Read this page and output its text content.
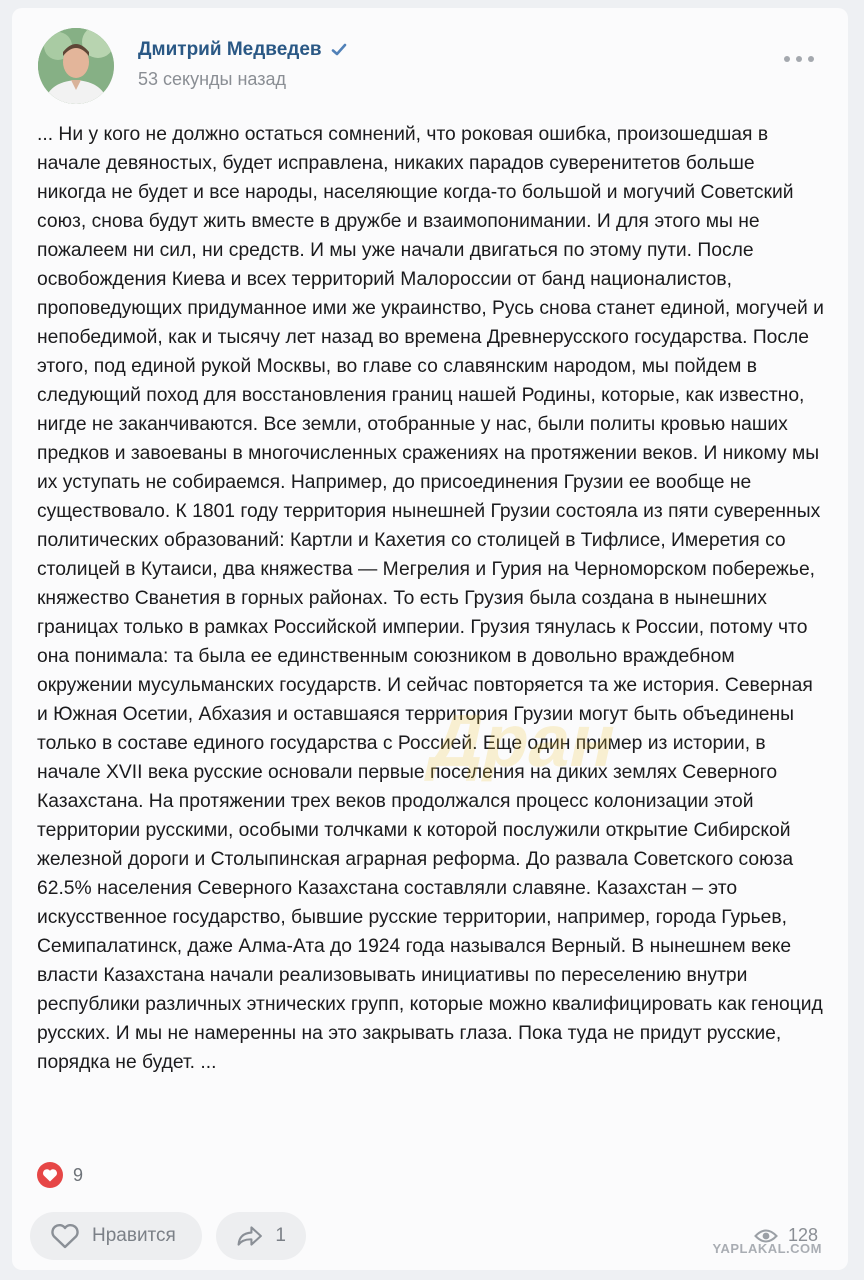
Дмитрий Медведев
53 секунды назад
... Ни у кого не должно остаться сомнений, что роковая ошибка, произошедшая в начале девяностых, будет исправлена, никаких парадов суверенитетов больше никогда не будет и все народы, населяющие когда-то большой и могучий Советский союз, снова будут жить вместе в дружбе и взаимопонимании. И для этого мы не пожалеем ни сил, ни средств. И мы уже начали двигаться по этому пути. После освобождения Киева и всех территорий Малороссии от банд националистов, проповедующих придуманное ими же украинство, Русь снова станет единой, могучей и непобедимой, как и тысячу лет назад во времена Древнерусского государства. После этого, под единой рукой Москвы, во главе со славянским народом, мы пойдем в следующий поход для восстановления границ нашей Родины, которые, как известно, нигде не заканчиваются. Все земли, отобранные у нас, были политы кровью наших предков и завоеваны в многочисленных сражениях на протяжении веков. И никому мы их уступать не собираемся. Например, до присоединения Грузии ее вообще не существовало. К 1801 году территория нынешней Грузии состояла из пяти суверенных политических образований: Картли и Кахетия со столицей в Тифлисе, Имеретия со столицей в Кутаиси, два княжества — Мегрелия и Гурия на Черноморском побережье, княжество Сванетия в горных районах. То есть Грузия была создана в нынешних границах только в рамках Российской империи. Грузия тянулась к России, потому что она понимала: та была ее единственным союзником в довольно враждебном окружении мусульманских государств. И сейчас повторяется та же история. Северная и Южная Осетии, Абхазия и оставшаяся территория Грузии могут быть объединены только в составе единого государства с Россией. Еще один пример из истории, в начале XVII века русские основали первые поселения на диких землях Северного Казахстана. На протяжении трех веков продолжался процесс колонизации этой территории русскими, особыми толчками к которой послужили открытие Сибирской железной дороги и Столыпинская аграрная реформа. До развала Советского союза 62.5% населения Северного Казахстана составляли славяне. Казахстан – это искусственное государство, бывшие русские территории, например, города Гурьев, Семипалатинск, даже Алма-Ата до 1924 года назывался Верный. В нынешнем веке власти Казахстана начали реализовывать инициативы по переселению внутри республики различных этнических групп, которые можно квалифицировать как геноцид русских. И мы не намеренны на это закрывать глаза. Пока туда не придут русские, порядка не будет. ...
Дран
9
Нравится	1	128
YAPLAKAL.COM
